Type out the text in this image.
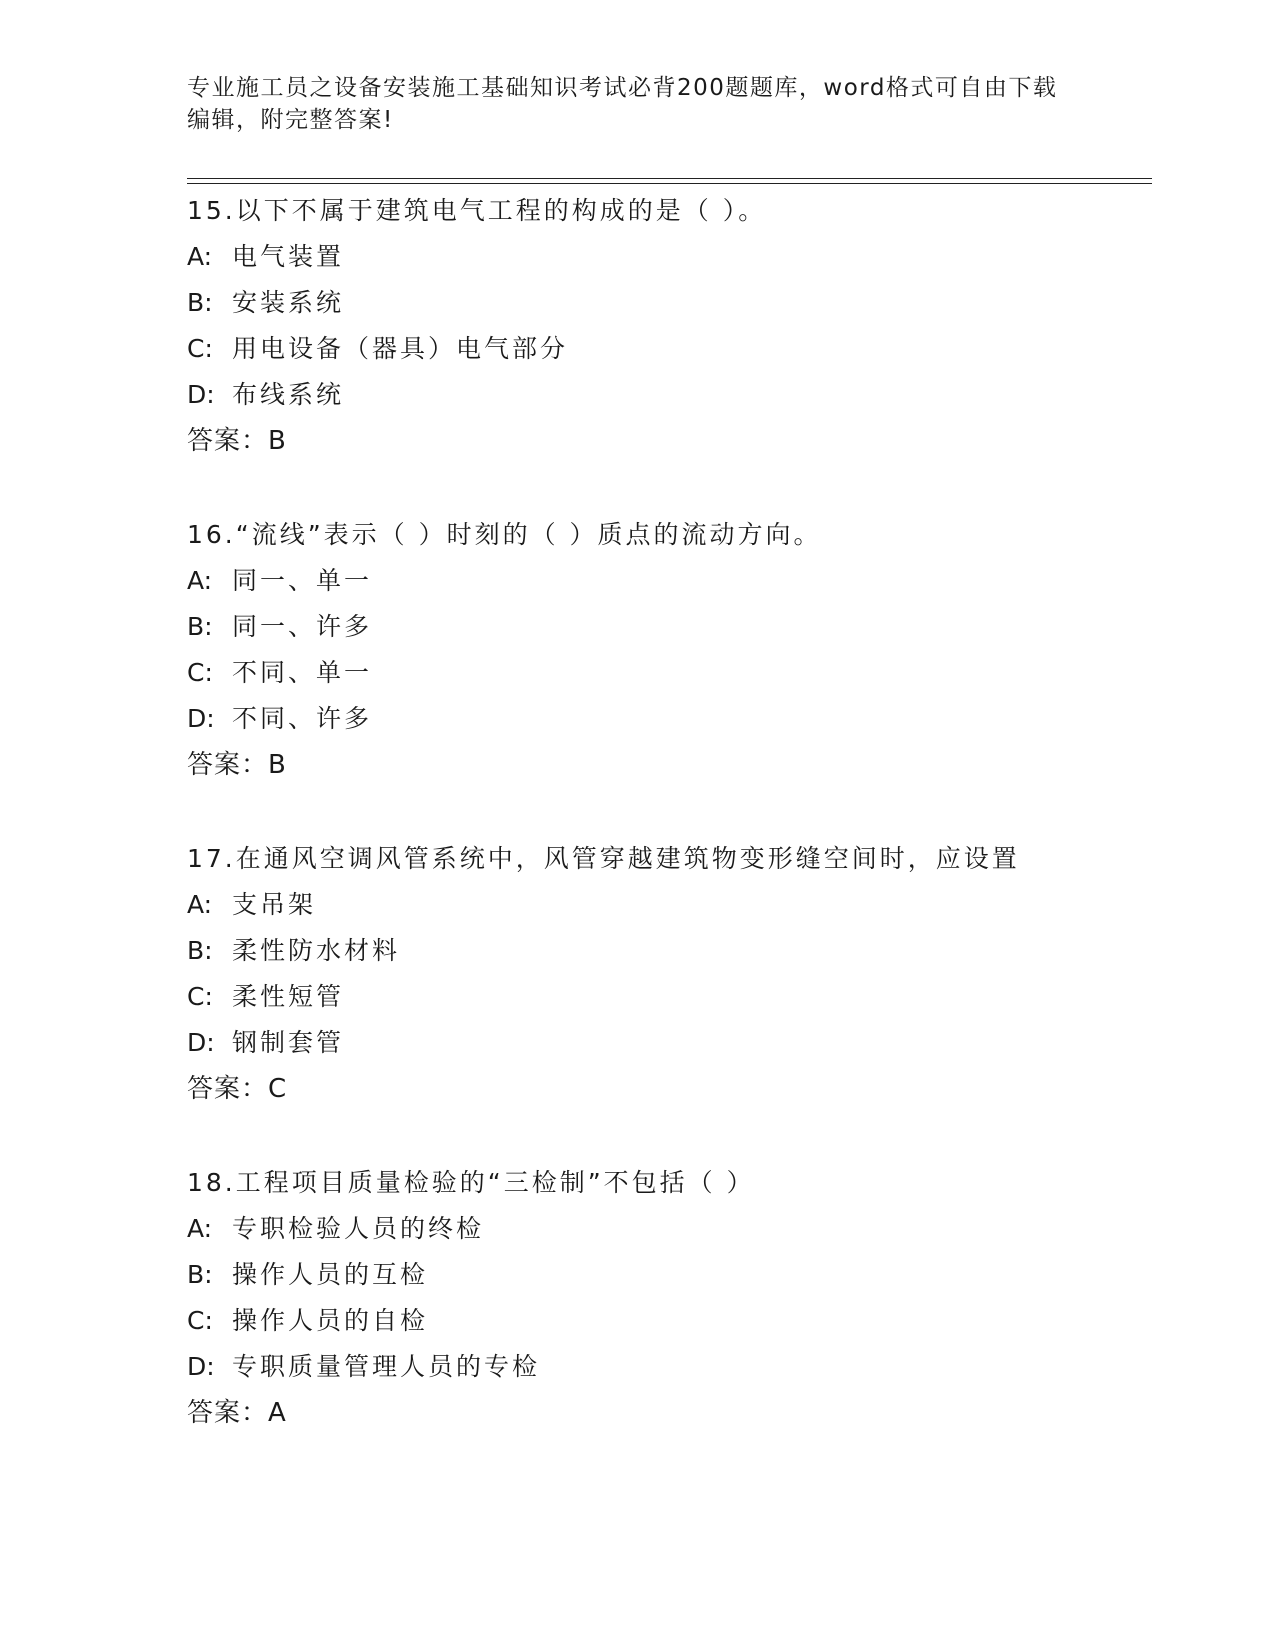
专业施工员之设备安装施工基础知识考试必背200题题库，word格式可自由下载
编辑，附完整答案!
15.以下不属于建筑电气工程的构成的是（ ）。
A: 电气装置
B: 安装系统
C: 用电设备（器具）电气部分
D: 布线系统
答案：B
16.“流线”表示（ ）时刻的（ ）质点的流动方向。
A: 同一、单一
B: 同一、许多
C: 不同、单一
D: 不同、许多
答案：B
17.在通风空调风管系统中，风管穿越建筑物变形缝空间时，应设置
A: 支吊架
B: 柔性防水材料
C: 柔性短管
D: 钢制套管
答案：C
18.工程项目质量检验的“三检制”不包括（ ）
A: 专职检验人员的终检
B: 操作人员的互检
C: 操作人员的自检
D: 专职质量管理人员的专检
答案：A
